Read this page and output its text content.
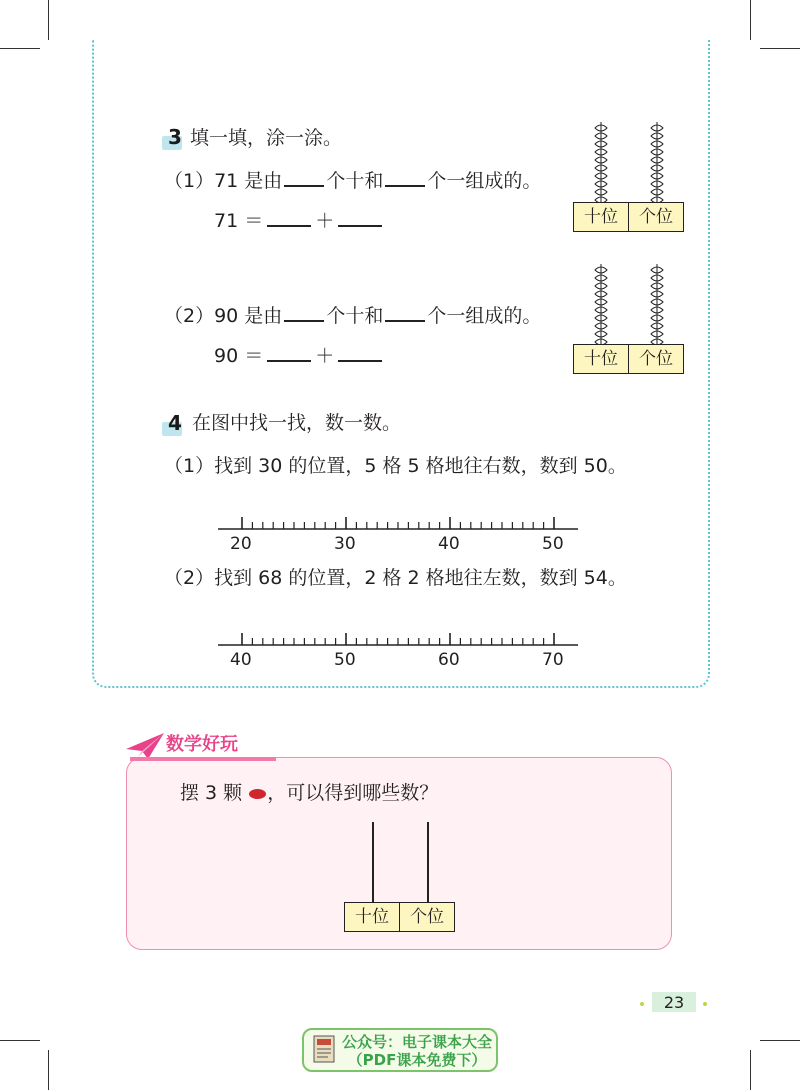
3 填一填，涂一涂。
（1）71 是由 个十和 个一组成的。
71 ＝	＋
（2）90 是由 个十和 个一组成的。
90 ＝	＋
十位	个位
十位	个位
4 在图中找一找，数一数。
（1）找到 30 的位置，5 格 5 格地往右数，数到 50。
20	30	40	50
（2）找到 68 的位置，2 格 2 格地往左数，数到 54。
40	50	60	70
数学好玩
摆 3 颗 ，可以得到哪些数？
十位	个位
23
公众号：电子课本大全
（PDF课本免费下）
